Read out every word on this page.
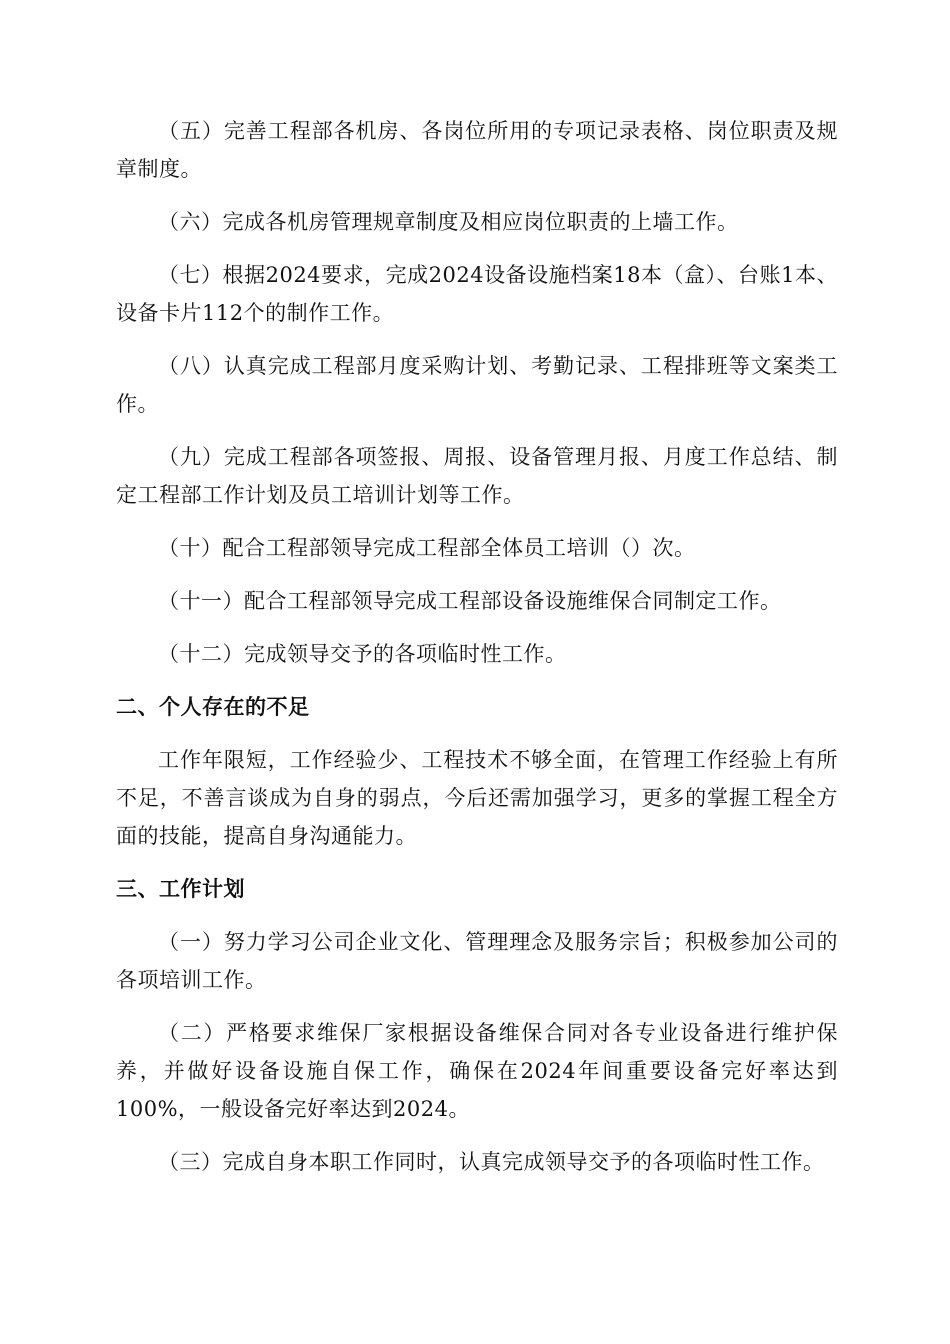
（五）完善工程部各机房、各岗位所用的专项记录表格、岗位职责及规章制度。

（六）完成各机房管理规章制度及相应岗位职责的上墙工作。

（七）根据2024要求，完成2024设备设施档案18本（盒）、台账1本、设备卡片112个的制作工作。

（八）认真完成工程部月度采购计划、考勤记录、工程排班等文案类工作。

（九）完成工程部各项签报、周报、设备管理月报、月度工作总结、制定工程部工作计划及员工培训计划等工作。

（十）配合工程部领导完成工程部全体员工培训（）次。

（十一）配合工程部领导完成工程部设备设施维保合同制定工作。

（十二）完成领导交予的各项临时性工作。

二、个人存在的不足

工作年限短，工作经验少、工程技术不够全面，在管理工作经验上有所不足，不善言谈成为自身的弱点，今后还需加强学习，更多的掌握工程全方面的技能，提高自身沟通能力。

三、工作计划

（一）努力学习公司企业文化、管理理念及服务宗旨；积极参加公司的各项培训工作。

（二）严格要求维保厂家根据设备维保合同对各专业设备进行维护保养，并做好设备设施自保工作，确保在2024年间重要设备完好率达到100%，一般设备完好率达到2024。

（三）完成自身本职工作同时，认真完成领导交予的各项临时性工作。
